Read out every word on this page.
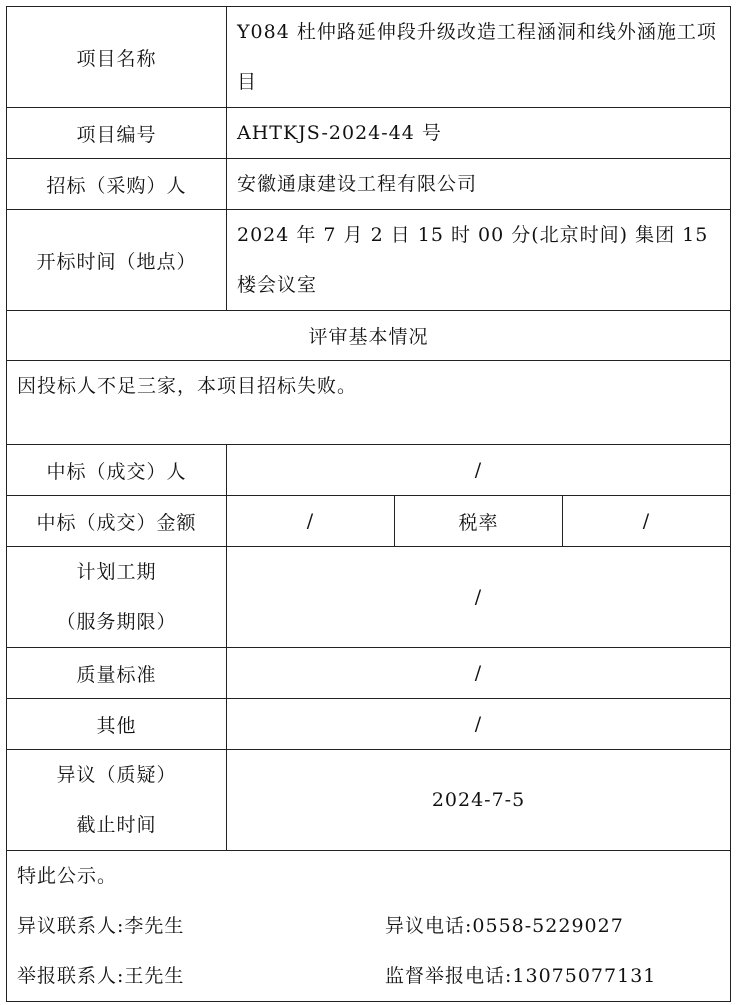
项目名称	Y084 杜仲路延伸段升级改造工程涵洞和线外涵施工项目		
项目编号	AHTKJS-2024-44 号		
招标（采购）人	安徽通康建设工程有限公司		
开标时间（地点）	2024 年 7 月 2 日 15 时 00 分(北京时间) 集团 15 楼会议室		
评审基本情况			
因投标人不足三家，本项目招标失败。			
中标（成交）人	/		
中标（成交）金额	/	税率	/

计划工期
（服务期限）	/		
质量标准	/		
其他	/		

异议（质疑）
截止时间	2024-7-5		

特此公示。
异议联系人:李先生 异议电话:0558-5229027
举报联系人:王先生 监督举报电话:13075077131			
